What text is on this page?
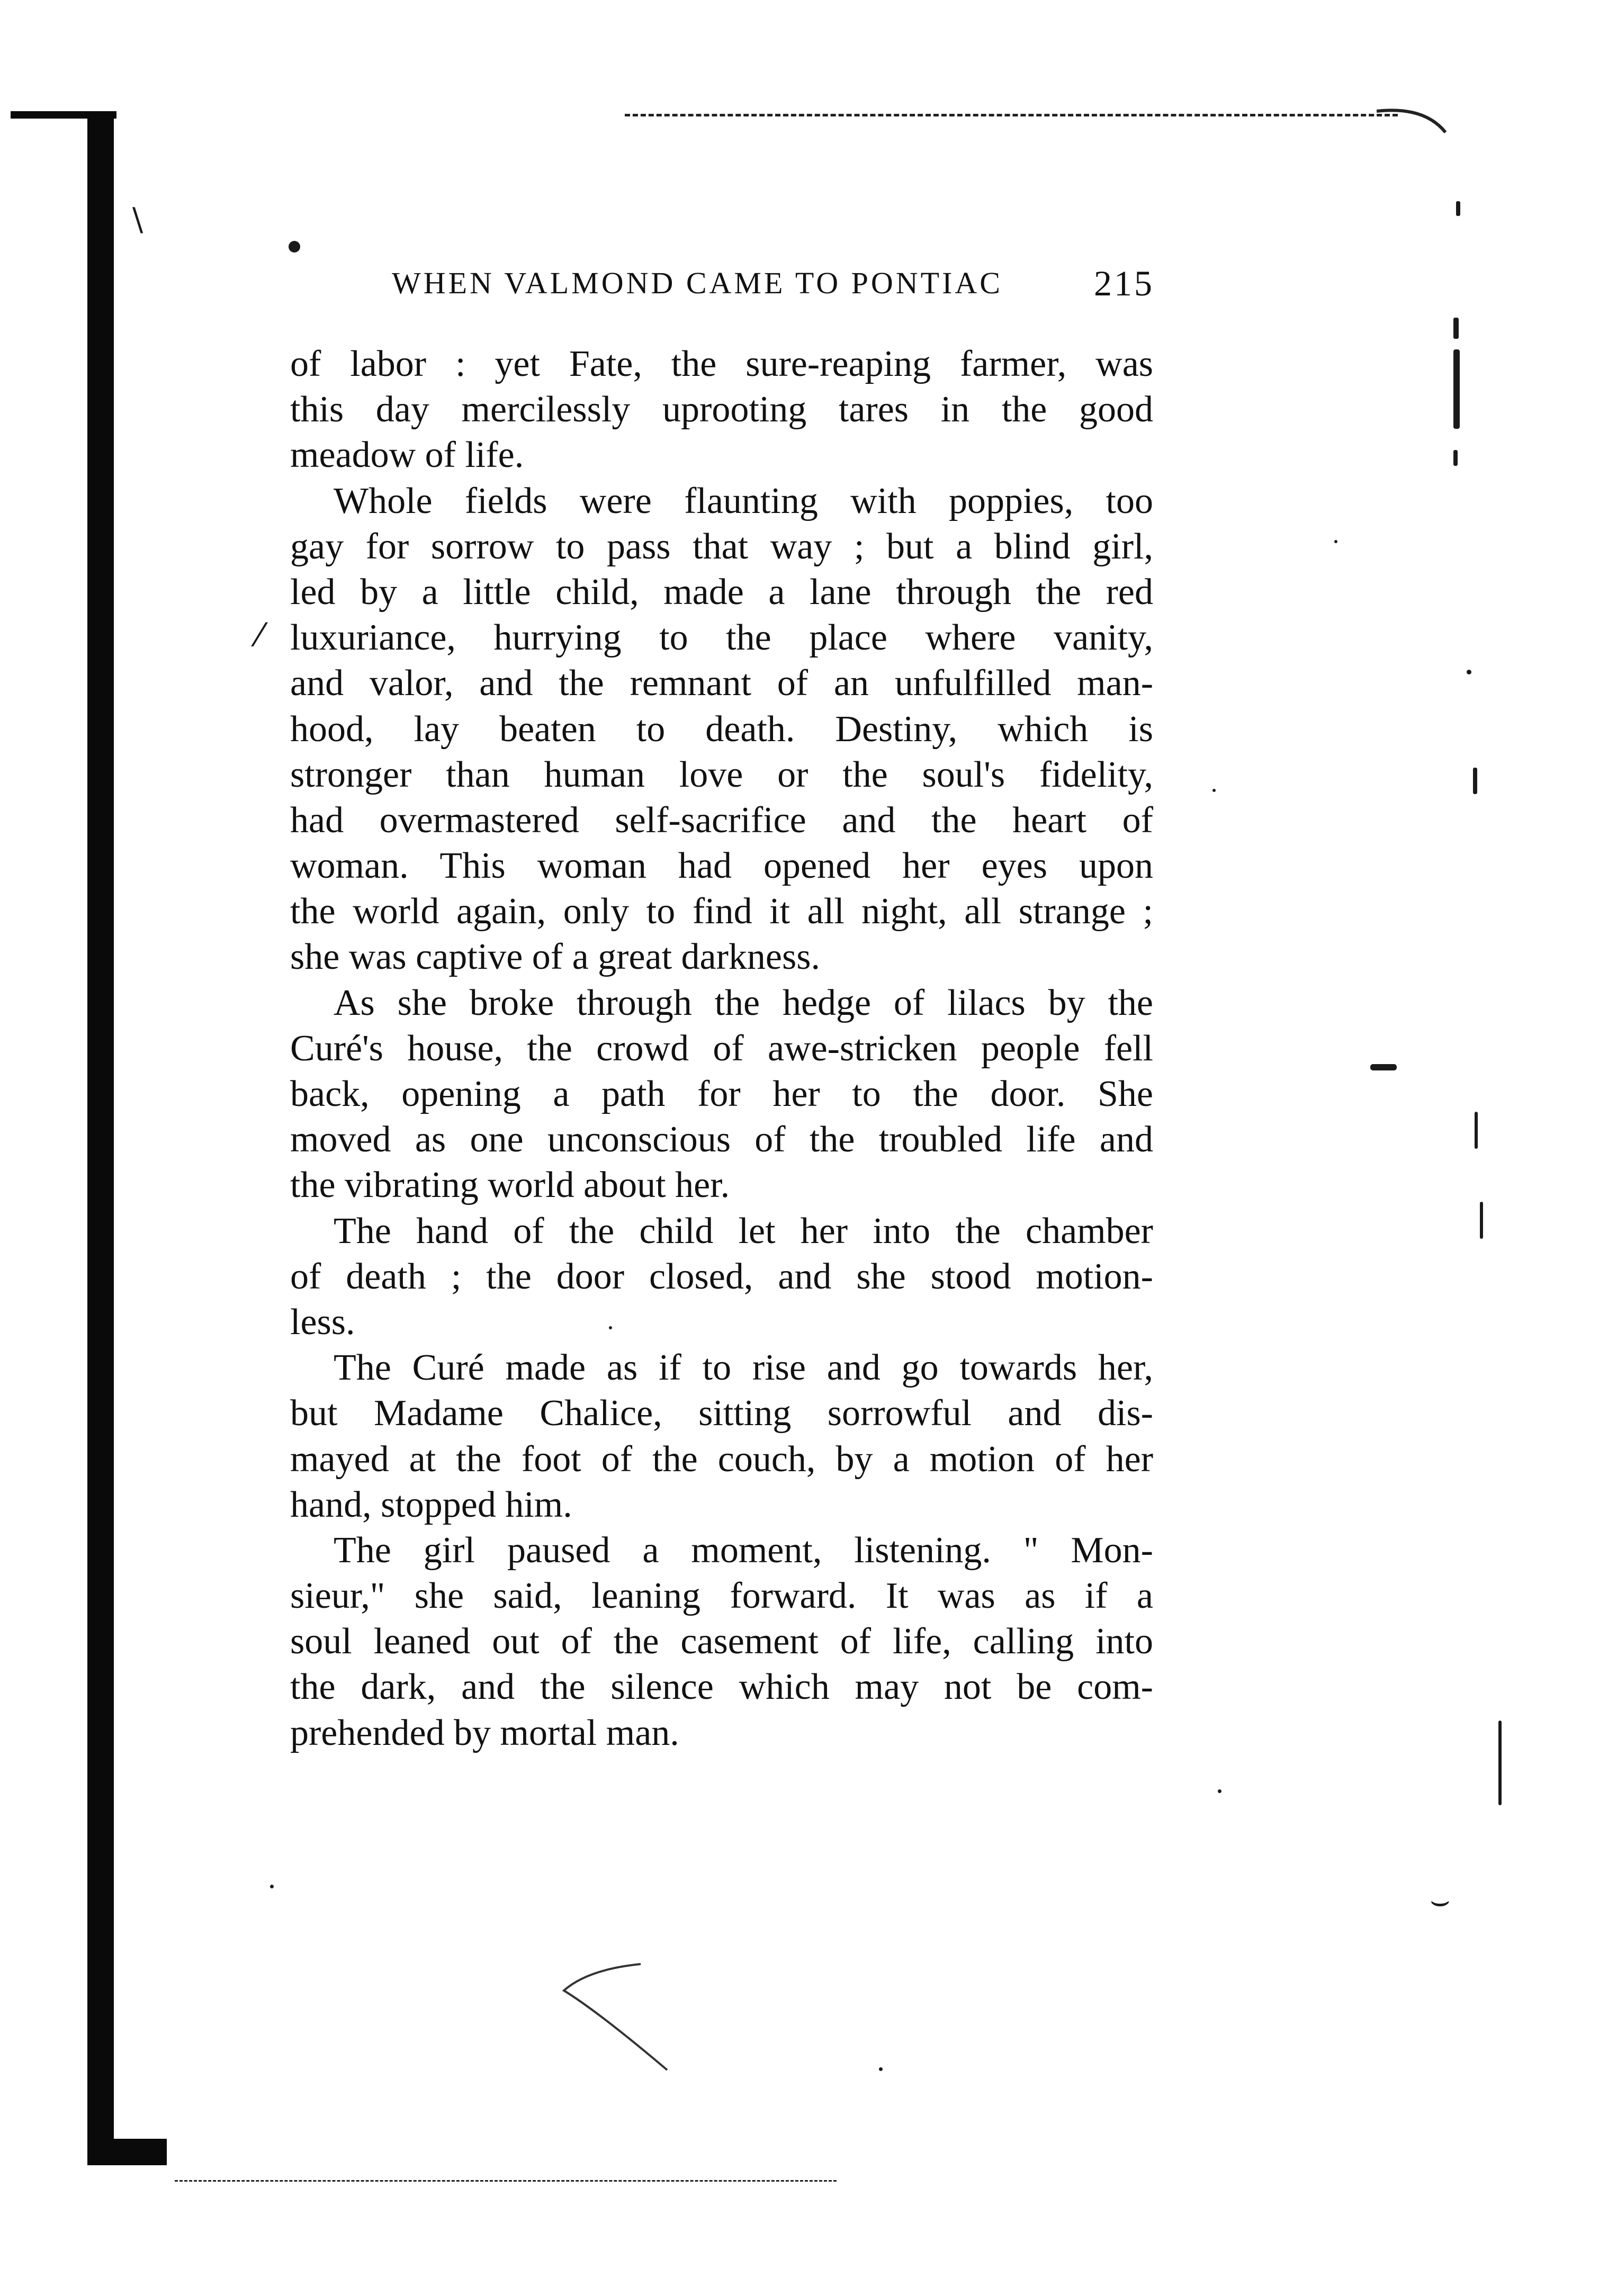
⁄
\
⌣
WHEN VALMOND CAME TO PONTIAC	215
of labor : yet Fate, the sure-reaping farmer, was
this day mercilessly uprooting tares in the good
meadow of life.
Whole fields were flaunting with poppies, too
gay for sorrow to pass that way ; but a blind girl,
led by a little child, made a lane through the red
luxuriance, hurrying to the place where vanity,
and valor, and the remnant of an unfulfilled man-
hood, lay beaten to death. Destiny, which is
stronger than human love or the soul's fidelity,
had overmastered self-sacrifice and the heart of
woman. This woman had opened her eyes upon
the world again, only to find it all night, all strange ;
she was captive of a great darkness.
As she broke through the hedge of lilacs by the
Curé's house, the crowd of awe-stricken people fell
back, opening a path for her to the door. She
moved as one unconscious of the troubled life and
the vibrating world about her.
The hand of the child let her into the chamber
of death ; the door closed, and she stood motion-
less.
The Curé made as if to rise and go towards her,
but Madame Chalice, sitting sorrowful and dis-
mayed at the foot of the couch, by a motion of her
hand, stopped him.
The girl paused a moment, listening. " Mon-
sieur," she said, leaning forward. It was as if a
soul leaned out of the casement of life, calling into
the dark, and the silence which may not be com-
prehended by mortal man.
